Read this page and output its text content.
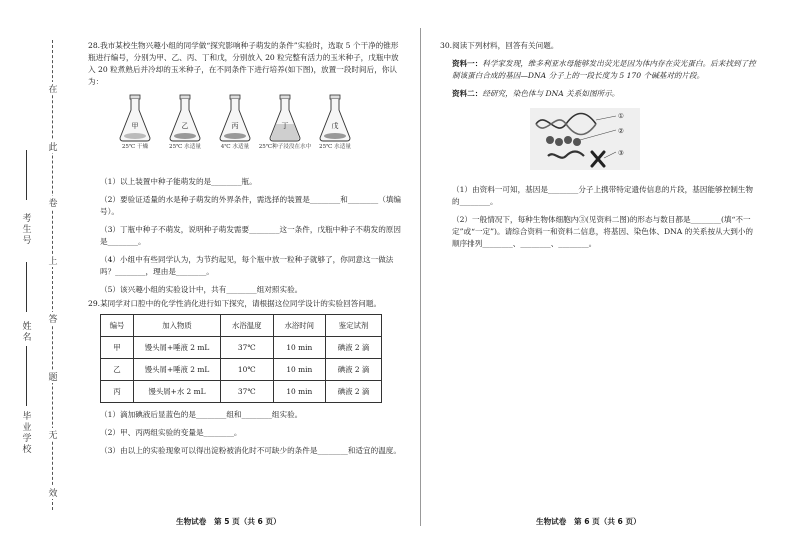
在
此
卷
上
答
题
无
效
考生号
姓名
毕业学校

28.我市某校生物兴趣小组的同学做“探究影响种子萌发的条件”实验时，选取 5 个干净的锥形瓶进行编号，分别为甲、乙、丙、丁和戊，分别放入 20 粒完整有活力的玉米种子，戊瓶中放入 20 粒煮熟后并冷却的玉米种子，在不同条件下进行培养(如下图)，放置一段时间后，你认为：

甲
25℃ 干燥
乙
25℃ 水适量
丙
4℃ 水适量
丁
25℃种子浸没在水中
戊
25℃ 水适量

（1）以上装置中种子能萌发的是________瓶。

（2）要验证适量的水是种子萌发的外界条件，需选择的装置是________和________（填编号）。

（3）丁瓶中种子不萌发，说明种子萌发需要________这一条件，戊瓶中种子不萌发的原因是________。

（4）小组中有些同学认为，为节约起见，每个瓶中放一粒种子就够了，你同意这一做法吗？________，理由是________。

（5）该兴趣小组的实验设计中，共有________组对照实验。

29.某同学对口腔中的化学性消化进行如下探究，请根据这位同学设计的实验回答问题。

编号	加入物质	水浴温度	水浴时间	鉴定试剂
甲	馒头屑+唾液 2 mL	37℃	10 min	碘液 2 滴
乙	馒头屑+唾液 2 mL	10℃	10 min	碘液 2 滴
丙	馒头屑+水 2 mL	37℃	10 min	碘液 2 滴

（1）滴加碘液后显蓝色的是________组和________组实验。

（2）甲、丙两组实验的变量是________。

（3）由以上的实验现象可以得出淀粉被消化时不可缺少的条件是________和适宜的温度。

30.阅读下列材料，回答有关问题。

资料一：科学家发现，维多利亚水母能够发出荧光是因为体内存在荧光蛋白。后来找到了控制该蛋白合成的基因—DNA 分子上的一段长度为 5 170 个碱基对的片段。

资料二：经研究，染色体与 DNA 关系如图所示。

①
②
③

（1）由资料一可知，基因是________分子上携带特定遗传信息的片段，基因能够控制生物的________。

（2）一般情况下，每种生物体细胞内③(见资料二图)的形态与数目都是________(填“不一定”或“一定”)。请综合资料一和资料二信息，将基因、染色体、DNA 的关系按从大到小的顺序排列________、________、________。

生物试卷　第 5 页（共 6 页）	生物试卷　第 6 页（共 6 页）
